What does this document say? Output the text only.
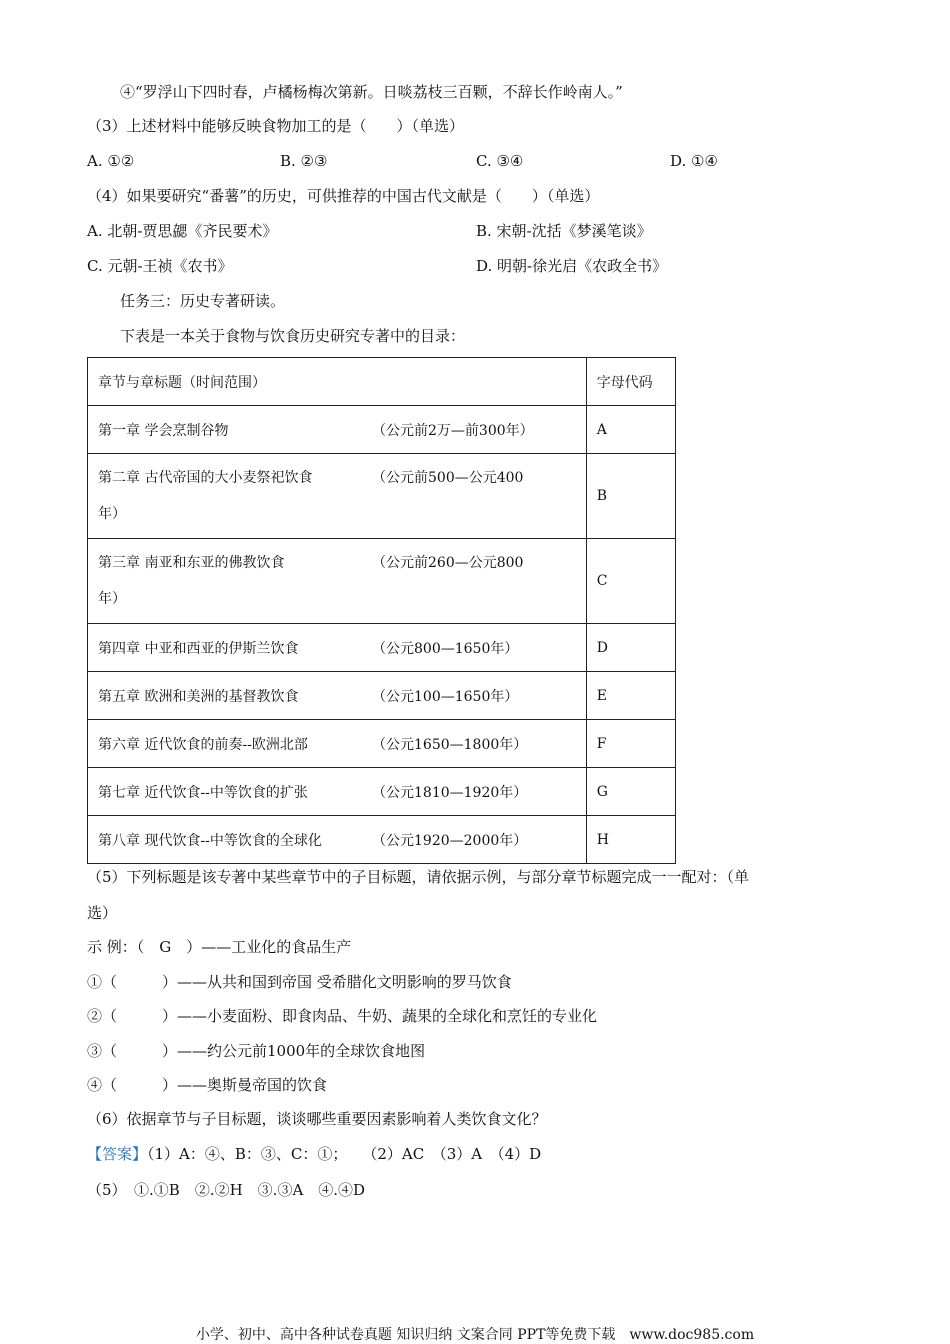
④“罗浮山下四时春，卢橘杨梅次第新。日啖荔枝三百颗，不辞长作岭南人。”
（3）上述材料中能够反映食物加工的是（　　）（单选）
A. ①②	B. ②③	C. ③④	D. ①④
（4）如果要研究“番薯”的历史，可供推荐的中国古代文献是（　　）（单选）
A. 北朝-贾思勰《齐民要术》	B. 宋朝-沈括《梦溪笔谈》
C. 元朝-王祯《农书》	D. 明朝-徐光启《农政全书》
任务三：历史专著研读。
下表是一本关于食物与饮食历史研究专著中的目录：
章节与章标题（时间范围）	字母代码
第一章 学会烹制谷物 （公元前2万—前300年）	A
第二章 古代帝国的大小麦祭祀饮食 （公元前500—公元400
年）	B
第三章 南亚和东亚的佛教饮食 （公元前260—公元800
年）	C
第四章 中亚和西亚的伊斯兰饮食 （公元800—1650年）	D
第五章 欧洲和美洲的基督教饮食 （公元100—1650年）	E
第六章 近代饮食的前奏--欧洲北部 （公元1650—1800年）	F
第七章 近代饮食--中等饮食的扩张 （公元1810—1920年）	G
第八章 现代饮食--中等饮食的全球化 （公元1920—2000年）	H
（5）下列标题是该专著中某些章节中的子目标题，请依据示例，与部分章节标题完成一一配对：（单
选）
示 例：（　G　）——工业化的食品生产
①（　　　）——从共和国到帝国 受希腊化文明影响的罗马饮食
②（　　　）——小麦面粉、即食肉品、牛奶、蔬果的全球化和烹饪的专业化
③（　　　）——约公元前1000年的全球饮食地图
④（　　　）——奥斯曼帝国的饮食
（6）依据章节与子目标题，谈谈哪些重要因素影响着人类饮食文化？
【答案】（1）A：④、B：③、C：①；　　（2）AC　（3）A　（4）D
（5）　①.①B　②.②H　③.③A　④.④D
小学、初中、高中各种试卷真题 知识归纳 文案合同 PPT等免费下载　www.doc985.com
